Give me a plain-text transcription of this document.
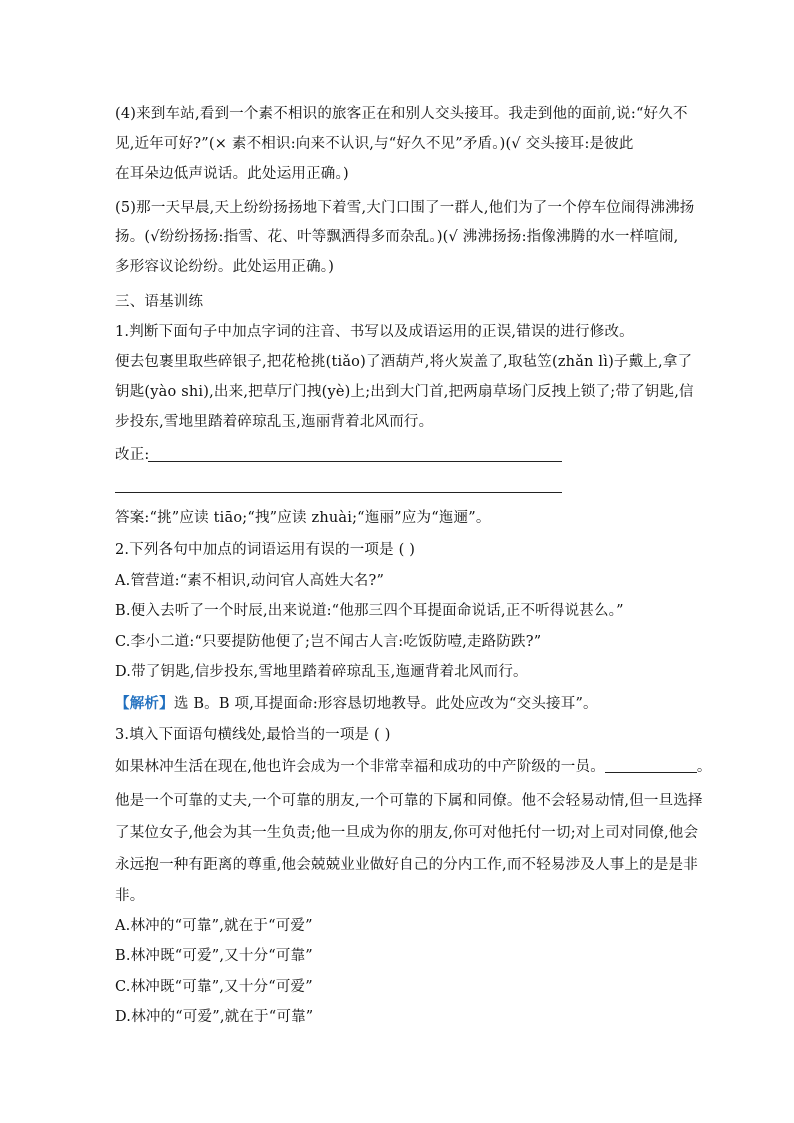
(4)来到车站,看到一个素不相识的旅客正在和别人交头接耳。我走到他的面前,说:“好久不
见,近年可好?”(× 素不相识:向来不认识,与“好久不见”矛盾。)(√ 交头接耳:是彼此
在耳朵边低声说话。此处运用正确。)
(5)那一天早晨,天上纷纷扬扬地下着雪,大门口围了一群人,他们为了一个停车位闹得沸沸扬
扬。(√纷纷扬扬:指雪、花、叶等飘洒得多而杂乱。)(√ 沸沸扬扬:指像沸腾的水一样喧闹,
多形容议论纷纷。此处运用正确。)
三、语基训练
1.判断下面句子中加点字词的注音、书写以及成语运用的正误,错误的进行修改。
便去包裹里取些碎银子,把花枪挑(tiǎo)了酒葫芦,将火炭盖了,取毡笠(zhǎn lì)子戴上,拿了
钥匙(yào shi),出来,把草厅门拽(yè)上;出到大门首,把两扇草场门反拽上锁了;带了钥匙,信
步投东,雪地里踏着碎琼乱玉,迤丽背着北风而行。
改正:
答案:“挑”应读 tiāo;“拽”应读 zhuài;“迤丽”应为“迤逦”。
2.下列各句中加点的词语运用有误的一项是 ( )
A.管营道:“素不相识,动问官人高姓大名?”
B.便入去听了一个时辰,出来说道:“他那三四个耳提面命说话,正不听得说甚么。”
C.李小二道:“只要提防他便了;岂不闻古人言:吃饭防噎,走路防跌?”
D.带了钥匙,信步投东,雪地里踏着碎琼乱玉,迤逦背着北风而行。
【解析】选 B。B 项,耳提面命:形容恳切地教导。此处应改为“交头接耳”。
3.填入下面语句横线处,最恰当的一项是 ( )
如果林冲生活在现在,他也许会成为一个非常幸福和成功的中产阶级的一员。	。
他是一个可靠的丈夫,一个可靠的朋友,一个可靠的下属和同僚。他不会轻易动情,但一旦选择
了某位女子,他会为其一生负责;他一旦成为你的朋友,你可对他托付一切;对上司对同僚,他会
永远抱一种有距离的尊重,他会兢兢业业做好自己的分内工作,而不轻易涉及人事上的是是非
非。
A.林冲的“可靠”,就在于“可爱”
B.林冲既“可爱”,又十分“可靠”
C.林冲既“可靠”,又十分“可爱”
D.林冲的“可爱”,就在于“可靠”
